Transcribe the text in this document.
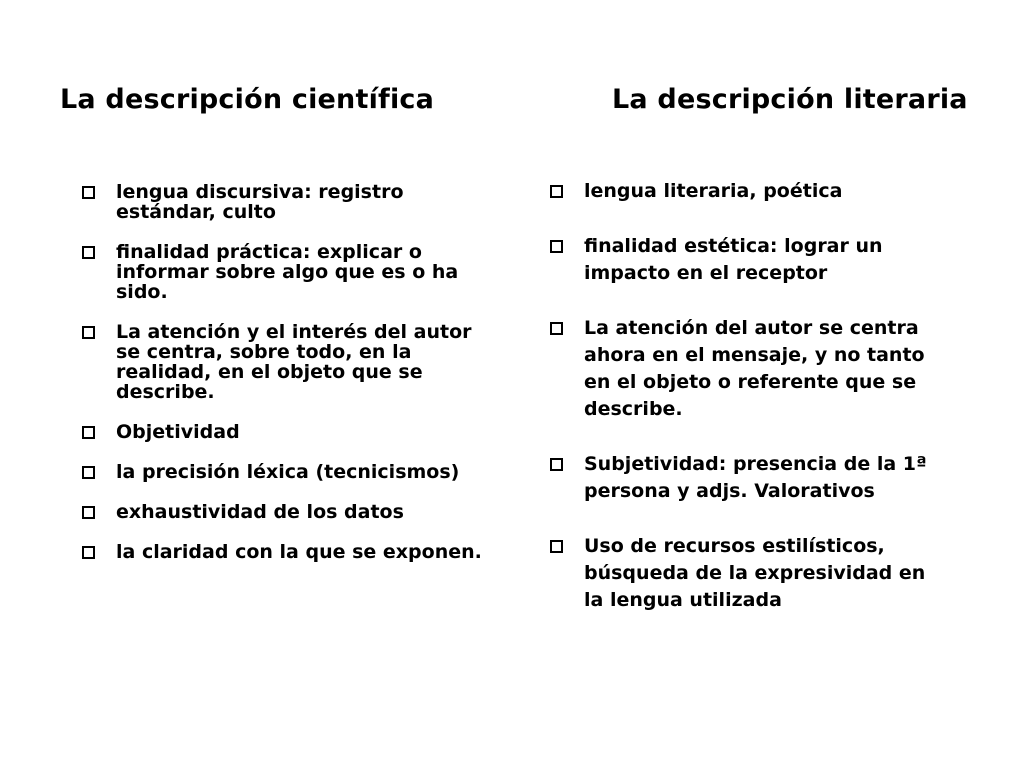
La descripción científica
lengua discursiva: registro estándar, culto
finalidad práctica: explicar o informar sobre algo que es o ha sido.
La atención y el interés del autor se centra, sobre todo, en la realidad, en el objeto que se describe.
Objetividad
la precisión léxica (tecnicismos)
exhaustividad de los datos
la claridad con la que se exponen.
La descripción literaria
lengua literaria, poética
finalidad estética: lograr un impacto en el receptor
La atención del autor se centra ahora en el mensaje, y no tanto en el objeto o referente que se describe.
Subjetividad: presencia de la 1ª persona y adjs. Valorativos
Uso de recursos estilísticos, búsqueda de la expresividad en la lengua utilizada
